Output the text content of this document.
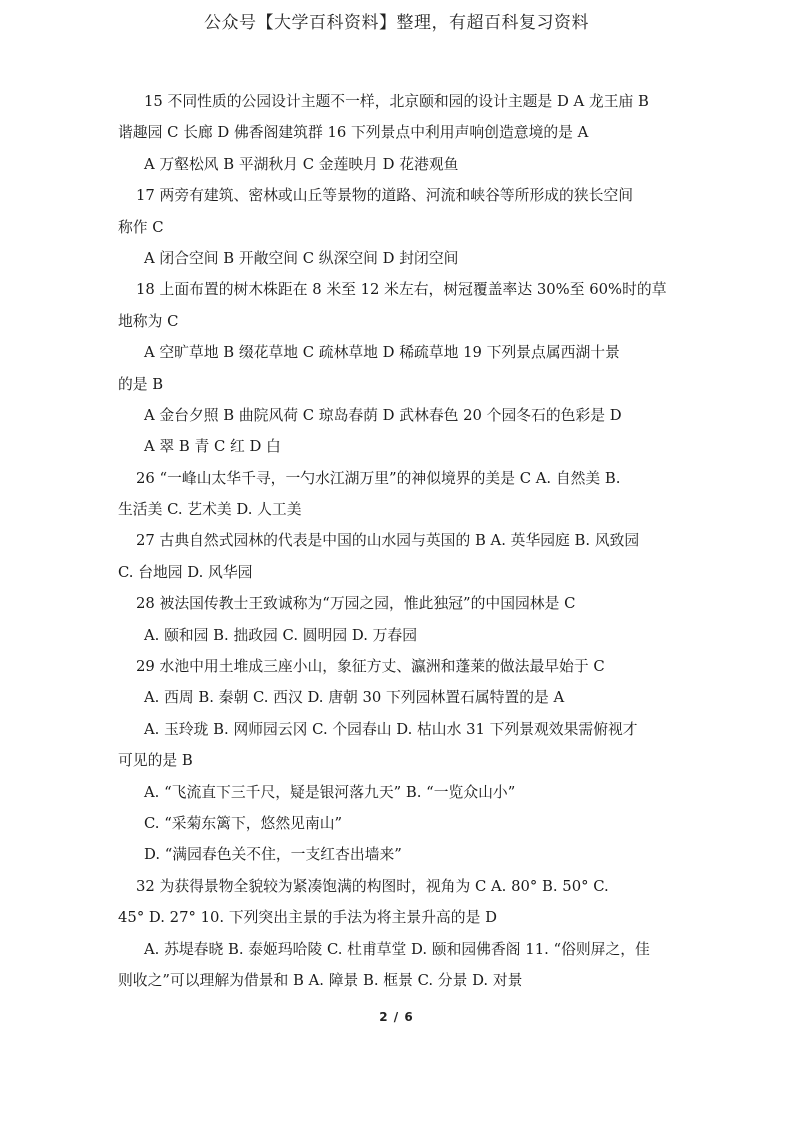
公众号【大学百科资料】整理，有超百科复习资料
15 不同性质的公园设计主题不一样，北京颐和园的设计主题是 D A 龙王庙 B
谐趣园 C 长廊 D 佛香阁建筑群 16 下列景点中利用声响创造意境的是 A
A 万壑松风 B 平湖秋月 C 金莲映月 D 花港观鱼
17 两旁有建筑、密林或山丘等景物的道路、河流和峡谷等所形成的狭长空间
称作 C
A 闭合空间 B 开敞空间 C 纵深空间 D 封闭空间
18 上面布置的树木株距在 8 米至 12 米左右，树冠覆盖率达 30%至 60%时的草
地称为 C
A 空旷草地 B 缀花草地 C 疏林草地 D 稀疏草地 19 下列景点属西湖十景
的是 B
A 金台夕照 B 曲院风荷 C 琼岛春荫 D 武林春色 20 个园冬石的色彩是 D
A 翠 B 青 C 红 D 白
26 “一峰山太华千寻，一勺水江湖万里”的神似境界的美是 C A. 自然美 B.
生活美 C. 艺术美 D. 人工美
27 古典自然式园林的代表是中国的山水园与英国的 B A. 英华园庭 B. 风致园
C. 台地园 D. 风华园
28 被法国传教士王致诚称为“万园之园，惟此独冠”的中国园林是 C
A. 颐和园 B. 拙政园 C. 圆明园 D. 万春园
29 水池中用土堆成三座小山，象征方丈、瀛洲和蓬莱的做法最早始于 C
A. 西周 B. 秦朝 C. 西汉 D. 唐朝 30 下列园林置石属特置的是 A
A. 玉玲珑 B. 网师园云冈 C. 个园春山 D. 枯山水 31 下列景观效果需俯视才
可见的是 B
A. “飞流直下三千尺，疑是银河落九天” B. “一览众山小”
C. “采菊东篱下，悠然见南山”
D. “满园春色关不住，一支红杏出墙来”
32 为获得景物全貌较为紧凑饱满的构图时，视角为 C A. 80° B. 50° C.
45° D. 27° 10. 下列突出主景的手法为将主景升高的是 D
A. 苏堤春晓 B. 泰姬玛哈陵 C. 杜甫草堂 D. 颐和园佛香阁 11. “俗则屏之，佳
则收之”可以理解为借景和 B A. 障景 B. 框景 C. 分景 D. 对景
2 / 6
